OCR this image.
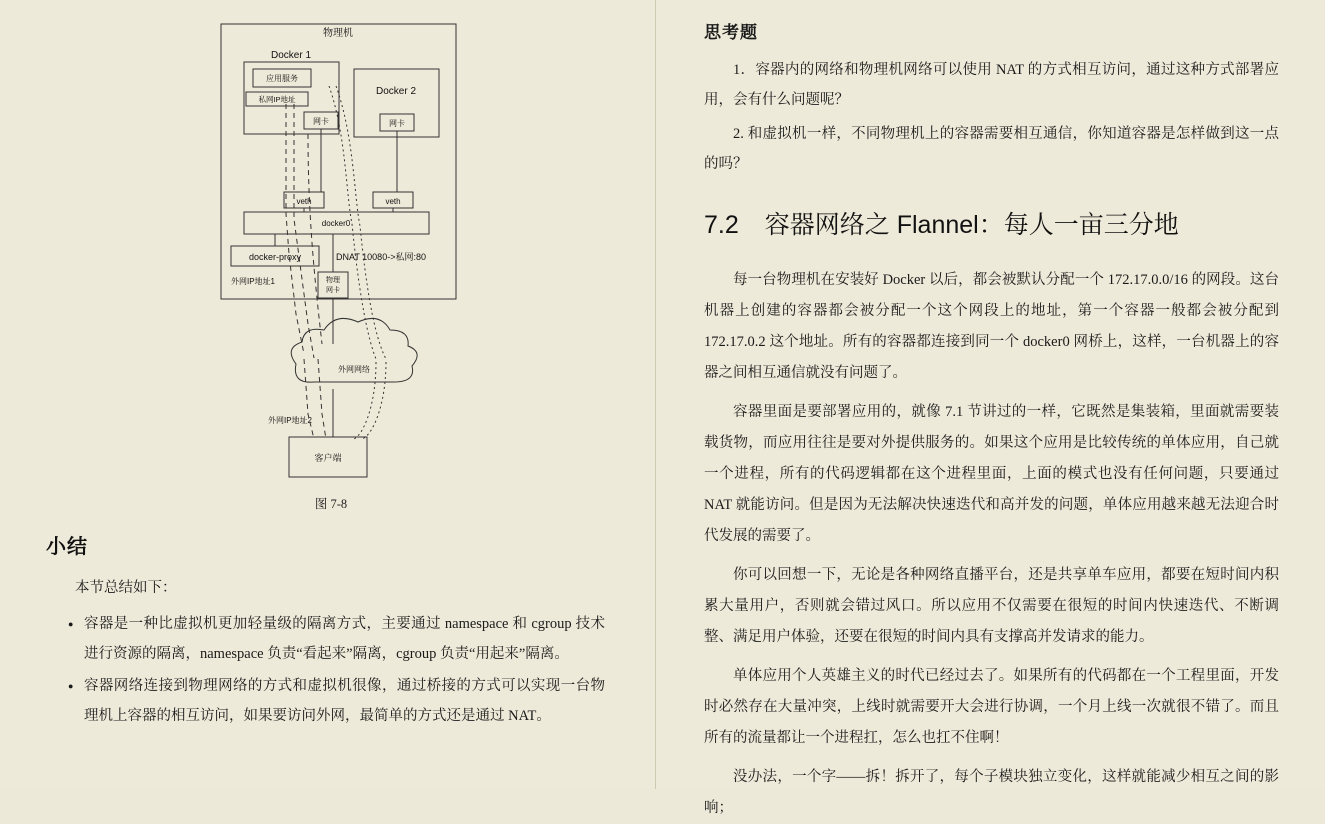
物理机
Docker 1
应用服务
私网IP地址
网卡
Docker 2
网卡
veth	veth
docker0
docker-proxy	DNAT 10080->私网:80
物理
网卡
外网IP地址1
外网网络
外网IP地址2
客户端
图 7-8
小结

本节总结如下：

● 容器是一种比虚拟机更加轻量级的隔离方式，主要通过 namespace 和 cgroup 技术进行资源的隔离，namespace 负责“看起来”隔离，cgroup 负责“用起来”隔离。
● 容器网络连接到物理网络的方式和虚拟机很像，通过桥接的方式可以实现一台物理机上容器的相互访问，如果要访问外网，最简单的方式还是通过 NAT。
思考题
1．容器内的网络和物理机网络可以使用 NAT 的方式相互访问，通过这种方式部署应用，会有什么问题呢？
2. 和虚拟机一样，不同物理机上的容器需要相互通信，你知道容器是怎样做到这一点的吗？
7.2 容器网络之 Flannel：每人一亩三分地

每一台物理机在安装好 Docker 以后，都会被默认分配一个 172.17.0.0/16 的网段。这台机器上创建的容器都会被分配一个这个网段上的地址，第一个容器一般都会被分配到 172.17.0.2 这个地址。所有的容器都连接到同一个 docker0 网桥上，这样，一台机器上的容器之间相互通信就没有问题了。

容器里面是要部署应用的，就像 7.1 节讲过的一样，它既然是集装箱，里面就需要装载货物，而应用往往是要对外提供服务的。如果这个应用是比较传统的单体应用，自己就一个进程，所有的代码逻辑都在这个进程里面，上面的模式也没有任何问题，只要通过 NAT 就能访问。但是因为无法解决快速迭代和高并发的问题，单体应用越来越无法迎合时代发展的需要了。

你可以回想一下，无论是各种网络直播平台，还是共享单车应用，都要在短时间内积累大量用户，否则就会错过风口。所以应用不仅需要在很短的时间内快速迭代、不断调整、满足用户体验，还要在很短的时间内具有支撑高并发请求的能力。

单体应用个人英雄主义的时代已经过去了。如果所有的代码都在一个工程里面，开发时必然存在大量冲突，上线时就需要开大会进行协调，一个月上线一次就很不错了。而且所有的流量都让一个进程扛，怎么也扛不住啊！

没办法，一个字——拆！拆开了，每个子模块独立变化，这样就能减少相互之间的影响；
